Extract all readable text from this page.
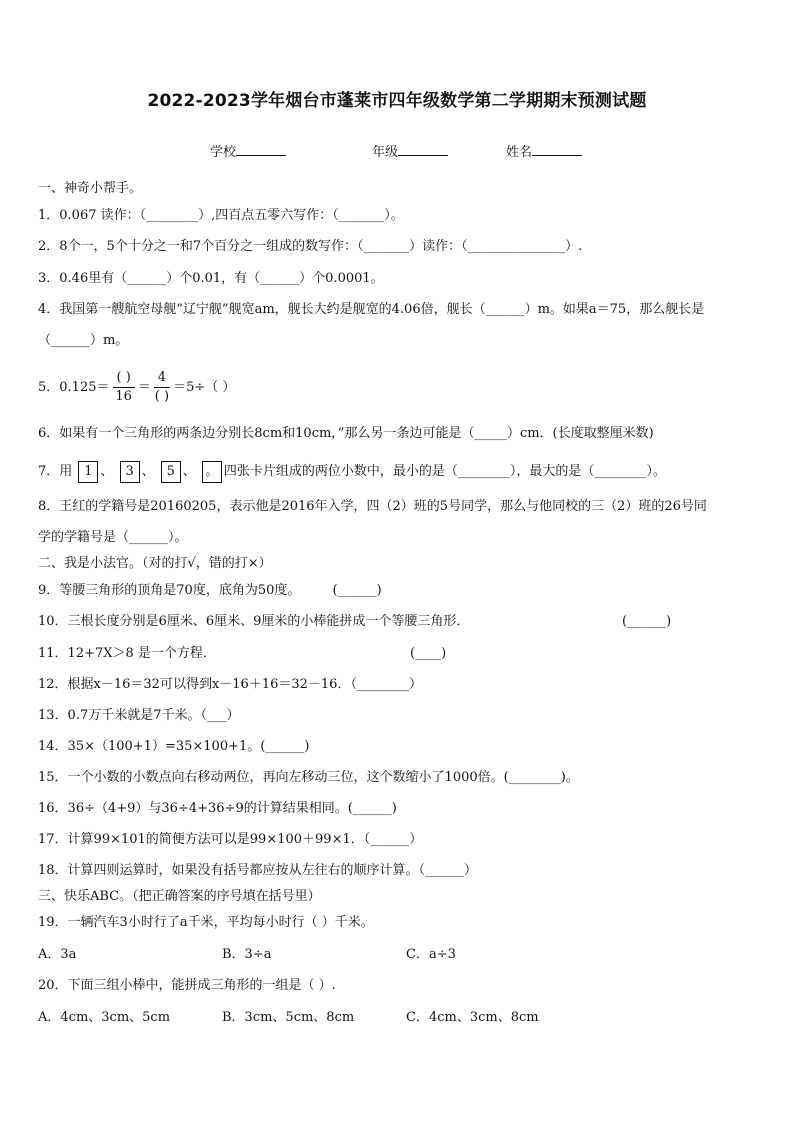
2022-2023学年烟台市蓬莱市四年级数学第二学期期末预测试题
学校	年级	姓名
一、神奇小帮手。
1．0.067 读作：（________）,四百点五零六写作：（_______）。
2．8个一，5个十分之一和7个百分之一组成的数写作：（_______）读作：（_______________）.
3．0.46里有（______）个0.01，有（______）个0.0001。
4．我国第一艘航空母舰“辽宁舰”舰宽am，舰长大约是舰宽的4.06倍，舰长（______）m。如果a＝75，那么舰长是
（______）m。
5．$0.125= \frac{( )}{16} = \frac{4}{( )} =5\div$（ ）
6．如果有一个三角形的两条边分别长8cm和10cm，”那么另一条边可能是（_____）cm．(长度取整厘米数)
7．用 1 、 3 、 5 、 。 四张卡片组成的两位小数中，最小的是（________），最大的是（________）。
8．王红的学籍号是20160205，表示他是2016年入学，四（2）班的5号同学，那么与他同校的三（2）班的26号同
学的学籍号是（______）。
二、我是小法官。（对的打√，错的打×）
9．等腰三角形的顶角是70度，底角为50度。 (______)
10．三根长度分别是6厘米、6厘米、9厘米的小棒能拼成一个等腰三角形．	(______)
11．12+7X＞8 是一个方程．	(____)
12．根据x－16＝32可以得到x－16＋16＝32－16．（________）
13．0.7万千米就是7千米。（___）
14．35×（100+1）=35×100+1。(______)
15．一个小数的小数点向右移动两位，再向左移动三位，这个数缩小了1000倍。(________)。
16．36÷（4+9）与36÷4+36÷9的计算结果相同。(______)
17．计算99×101的简便方法可以是99×100＋99×1．（______）
18．计算四则运算时，如果没有括号都应按从左往右的顺序计算。（______）
三、快乐ABC。（把正确答案的序号填在括号里）
19．一辆汽车3小时行了a千米，平均每小时行（ ）千米。
A．3a	B．3÷a	C．a÷3
20．下面三组小棒中，能拼成三角形的一组是（ ）.
A．4cm、3cm、5cm	B．3cm、5cm、8cm	C．4cm、3cm、8cm
